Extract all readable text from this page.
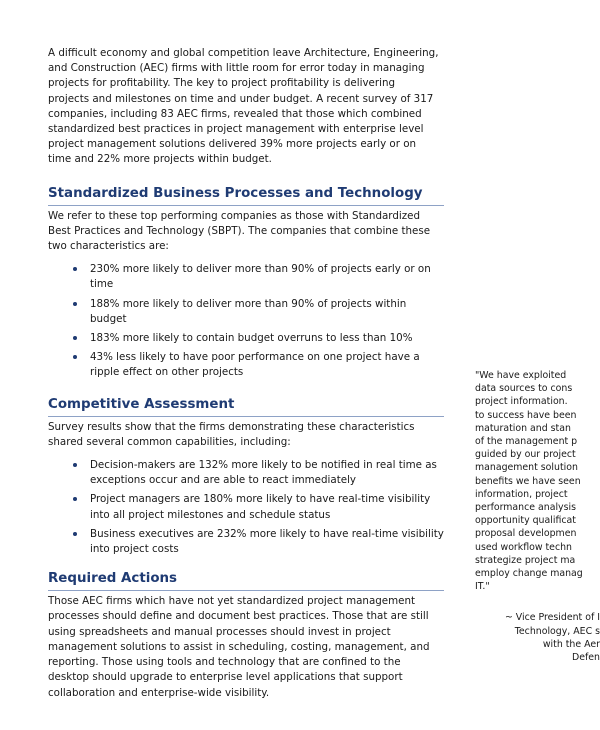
A difficult economy and global competition leave Architecture, Engineering,
and Construction (AEC) firms with little room for error today in managing
projects for profitability. The key to project profitability is delivering
projects and milestones on time and under budget. A recent survey of 317
companies, including 83 AEC firms, revealed that those which combined
standardized best practices in project management with enterprise level
project management solutions delivered 39% more projects early or on
time and 22% more projects within budget.

Standardized Business Processes and Technology

We refer to these top performing companies as those with Standardized
Best Practices and Technology (SBPT). The companies that combine these
two characteristics are:

230% more likely to deliver more than 90% of projects early or on
time
188% more likely to deliver more than 90% of projects within
budget
183% more likely to contain budget overruns to less than 10%
43% less likely to have poor performance on one project have a
ripple effect on other projects
Competitive Assessment

Survey results show that the firms demonstrating these characteristics
shared several common capabilities, including:

Decision-makers are 132% more likely to be notified in real time as
exceptions occur and are able to react immediately
Project managers are 180% more likely to have real-time visibility
into all project milestones and schedule status
Business executives are 232% more likely to have real-time visibility
into project costs
Required Actions

Those AEC firms which have not yet standardized project management
processes should define and document best practices. Those that are still
using spreadsheets and manual processes should invest in project
management solutions to assist in scheduling, costing, management, and
reporting. Those using tools and technology that are confined to the
desktop should upgrade to enterprise level applications that support
collaboration and enterprise-wide visibility.

"We have exploited
data sources to cons
project information.
to success have been
maturation and stan
of the management p
guided by our project
management solution
benefits we have seen
information, project
performance analysis
opportunity qualificat
proposal developmen
used workflow techn
strategize project ma
employ change manag
IT."

~ Vice President of I
Technology, AEC s
with the Aer
Defen
